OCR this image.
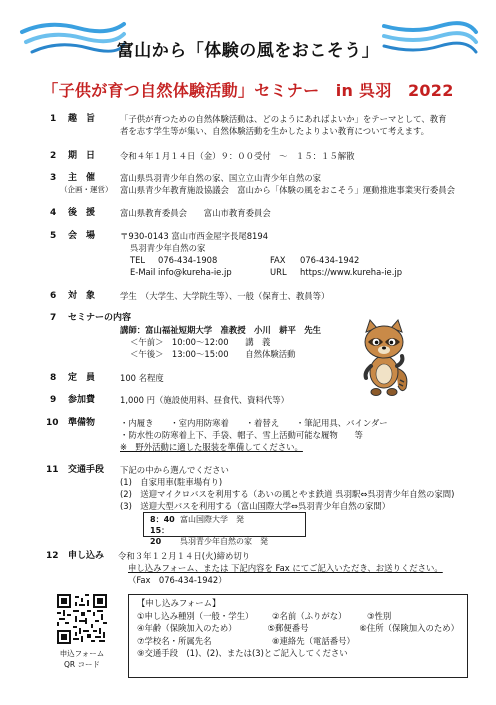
富山から「体験の風をおこそう」
「子供が育つ自然体験活動」セミナー　in 呉羽　2022
1 趣　旨	「子供が育つための自然体験活動は、どのようにあればよいか」をテーマとして、教育
者を志す学生等が集い、自然体験活動を生かしたよりよい教育について考えます。
2 期　日	令和４年１月１４日（金）９：００受付　～　１５：１５解散
3 主　催
（企画・運営）
富山県呉羽青少年自然の家、国立立山青少年自然の家
富山県青少年教育施設協議会　富山から「体験の風をおこそう」運動推進事業実行委員会
4 後　援	富山県教育委員会　　富山市教育委員会
5 会　場	〒930-0143 富山市西金屋字長尾8194
呉羽青少年自然の家
TEL 076-434-1908	FAX 076-434-1942
E-Mail info@kureha-ie.jp	URL https://www.kureha-ie.jp
6 対　象	学生　（大学生、大学院生等）、一般（保育士、教員等）
7 セミナーの内容
講師：富山福祉短期大学　准教授　小川　耕平　先生
＜午前＞　10:00～12:00　　講　義
＜午後＞　13:00～15:00　　自然体験活動
8 定　員	100 名程度
9 参加費	1,000 円（施設使用料、昼食代、資料代等）
10 準備物	・内履き　　・室内用防寒着　　・着替え　　・筆記用具、バインダー
・防水性の防寒着上下、手袋、帽子、雪上活動可能な履物　　等
※　野外活動に適した服装を準備してください。
11 交通手段 下記の中から選んでください
(1)　自家用車(駐車場有り)
(2)　送迎マイクロバスを利用する（あいの風とやま鉄道 呉羽駅⇔呉羽青少年自然の家間)
(3)　送迎大型バスを利用する（富山国際大学⇔呉羽青少年自然の家間）
8：40 富山国際大学　発
15：20 呉羽青少年自然の家　発
12 申し込み 令和３年１２月１４日(火)締め切り
申し込みフォーム、または 下記内容を Fax にてご記入いただき、お送りください。
（Fax　076-434-1942）
申込フォーム
QR コード
【申し込みフォーム】
①申し込み種別（一般・学生）	②名前（ふりがな）	③性別
④年齢（保険加入のため）	⑤郵便番号	⑥住所（保険加入のため）
⑦学校名・所属先名	⑧連絡先（電話番号）
⑨交通手段　(1)、(2)、または(3)とご記入してください
